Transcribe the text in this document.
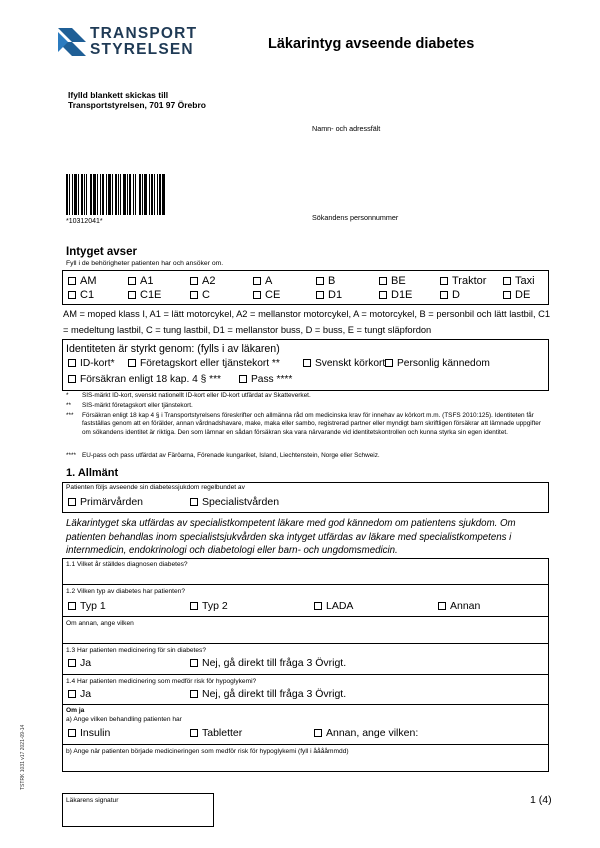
TRANSPORT
STYRELSEN	Läkarintyg avseende diabetes
Ifylld blankett skickas till
Transportstyrelsen, 701 97 Örebro
Namn- och adressfält
*10312041*	Sökandens personnummer
Intyget avser
Fyll i de behörigheter patienten har och ansöker om.
AM	A1	A2	A	B	BE	Traktor	Taxi
C1	C1E	C	CE	D1	D1E	D	DE
AM = moped klass I, A1 = lätt motorcykel, A2 = mellanstor motorcykel, A = motorcykel, B = personbil och lätt lastbil, C1 = medeltung lastbil, C = tung lastbil, D1 = mellanstor buss, D = buss, E = tungt släpfordon
Identiteten är styrkt genom: (fylls i av läkaren)
ID-kort*	Företagskort eller tjänstekort **	Svenskt körkort	Personlig kännedom
Försäkran enligt 18 kap. 4 § ***	Pass ****
* SIS-märkt ID-kort, svenskt nationellt ID-kort eller ID-kort utfärdat av Skatteverket.
** SIS-märkt företagskort eller tjänstekort.
*** Försäkran enligt 18 kap 4 § i Transportstyrelsens föreskrifter och allmänna råd om medicinska krav för innehav av körkort m.m. (TSFS 2010:125). Identiteten får fastställas genom att en förälder, annan vårdnadshavare, make, maka eller sambo, registrerad partner eller myndigt barn skriftligen försäkrar att lämnade uppgifter om sökandens identitet är riktiga. Den som lämnar en sådan försäkran ska vara närvarande vid identitetskontrollen och kunna styrka sin egen identitet.
**** EU-pass och pass utfärdat av Färöarna, Förenade kungariket, Island, Liechtenstein, Norge eller Schweiz.
1. Allmänt
Patienten följs avseende sin diabetessjukdom regelbundet av
Primärvården	Specialistvården
Läkarintyget ska utfärdas av specialistkompetent läkare med god kännedom om patientens sjukdom. Om patienten behandlas inom specialistsjukvården ska intyget utfärdas av läkare med specialistkompetens i internmedicin, endokrinologi och diabetologi eller barn- och ungdomsmedicin.
1.1 Vilket år ställdes diagnosen diabetes?
1.2 Vilken typ av diabetes har patienten?
Typ 1	Typ 2	LADA	Annan
Om annan, ange vilken
1.3 Har patienten medicinering för sin diabetes?
Ja	Nej, gå direkt till fråga 3 Övrigt.
1.4 Har patienten medicinering som medför risk för hypoglykemi?
Ja	Nej, gå direkt till fråga 3 Övrigt.
Om ja
a) Ange vilken behandling patienten har
Insulin	Tabletter	Annan, ange vilken:
b) Ange när patienten började medicineringen som medför risk för hypoglykemi (fyll i ååååmmdd)
Läkarens signatur	1 (4)
TSTRK 1031 v17 2021-09-14
